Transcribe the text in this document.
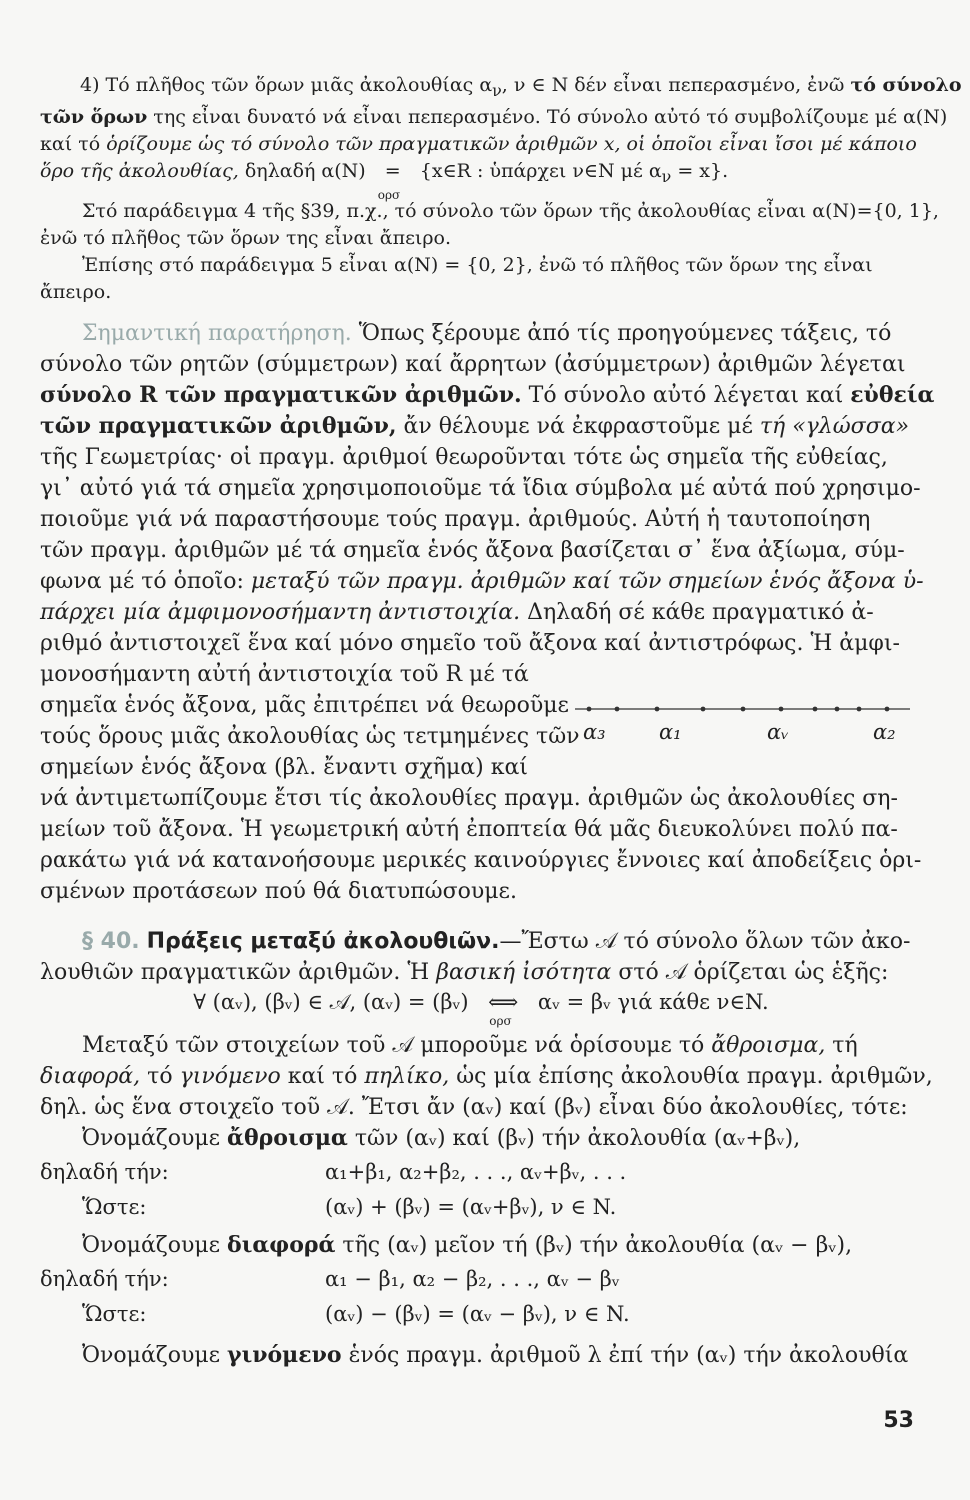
4) Τό πλῆθος τῶν ὅρων μιᾶς ἀκολουθίας $\alpha_\nu$, ν ∈ N δέν εἶναι πεπερασμένο, ἐνῶ τό σύνολο
τῶν ὅρων της εἶναι δυνατό νά εἶναι πεπερασμένο. Τό σύνολο αὐτό τό συμβολίζουμε μέ α(N)
καί τό ὁρίζουμε ὡς τό σύνολο τῶν πραγματικῶν ἀριθμῶν x, οἱ ὁποῖοι εἶναι ἴσοι μέ κάποιο
ὅρο τῆς ἀκολουθίας, δηλαδή α(N) =
ορσ
{x∈R : ὑπάρχει ν∈N μέ $\alpha_\nu = x$}.
Στό παράδειγμα 4 τῆς §39, π.χ., τό σύνολο τῶν ὅρων τῆς ἀκολουθίας εἶναι α(N)={0, 1},
ἐνῶ τό πλῆθος τῶν ὅρων της εἶναι ἄπειρο.
Ἐπίσης στό παράδειγμα 5 εἶναι α(N) = {0, 2}, ἐνῶ τό πλῆθος τῶν ὅρων της εἶναι
ἄπειρο.
Σημαντική παρατήρηση. Ὅπως ξέρουμε ἀπό τίς προηγούμενες τάξεις, τό
σύνολο τῶν ρητῶν (σύμμετρων) καί ἄρρητων (ἀσύμμετρων) ἀριθμῶν λέγεται
σύνολο R τῶν πραγματικῶν ἀριθμῶν. Τό σύνολο αὐτό λέγεται καί εὐθεία
τῶν πραγματικῶν ἀριθμῶν, ἄν θέλουμε νά ἐκφραστοῦμε μέ τή «γλώσσα»
τῆς Γεωμετρίας· οἱ πραγμ. ἀριθμοί θεωροῦνται τότε ὡς σημεῖα τῆς εὐθείας,
γι᾽ αὐτό γιά τά σημεῖα χρησιμοποιοῦμε τά ἴδια σύμβολα μέ αὐτά πού χρησιμο-
ποιοῦμε γιά νά παραστήσουμε τούς πραγμ. ἀριθμούς. Αὐτή ἡ ταυτοποίηση
τῶν πραγμ. ἀριθμῶν μέ τά σημεῖα ἑνός ἄξονα βασίζεται σ᾽ ἕνα ἀξίωμα, σύμ-
φωνα μέ τό ὁποῖο: μεταξύ τῶν πραγμ. ἀριθμῶν καί τῶν σημείων ἑνός ἄξονα ὑ-
πάρχει μία ἀμφιμονοσήμαντη ἀντιστοιχία. Δηλαδή σέ κάθε πραγματικό ἀ-
ριθμό ἀντιστοιχεῖ ἕνα καί μόνο σημεῖο τοῦ ἄξονα καί ἀντιστρόφως. Ἡ ἀμφι-
μονοσήμαντη αὐτή ἀντιστοιχία τοῦ R μέ τά
σημεῖα ἑνός ἄξονα, μᾶς ἐπιτρέπει νά θεωροῦμε
τούς ὅρους μιᾶς ἀκολουθίας ὡς τετμημένες τῶν
σημείων ἑνός ἄξονα (βλ. ἔναντι σχῆμα) καί
νά ἀντιμετωπίζουμε ἔτσι τίς ἀκολουθίες πραγμ. ἀριθμῶν ὡς ἀκολουθίες ση-
μείων τοῦ ἄξονα. Ἡ γεωμετρική αὐτή ἐποπτεία θά μᾶς διευκολύνει πολύ πα-
ρακάτω γιά νά κατανοήσουμε μερικές καινούργιες ἔννοιες καί ἀποδείξεις ὁρι-
σμένων προτάσεων πού θά διατυπώσουμε.
α₃	α₁	αᵥ	α₂
§ 40. Πράξεις μεταξύ ἀκολουθιῶν.—Ἔστω 𝒜 τό σύνολο ὅλων τῶν ἀκο-
λουθιῶν πραγματικῶν ἀριθμῶν. Ἡ βασική ἰσότητα στό 𝒜 ὁρίζεται ὡς ἑξῆς:
∀ (αᵥ), (βᵥ) ∈ 𝒜, (αᵥ) = (βᵥ) ⟺
ορσ
αᵥ = βᵥ γιά κάθε ν∈N.
Μεταξύ τῶν στοιχείων τοῦ 𝒜 μποροῦμε νά ὁρίσουμε τό ἄθροισμα, τή
διαφορά, τό γινόμενο καί τό πηλίκο, ὡς μία ἐπίσης ἀκολουθία πραγμ. ἀριθμῶν,
δηλ. ὡς ἕνα στοιχεῖο τοῦ 𝒜. Ἔτσι ἄν (αᵥ) καί (βᵥ) εἶναι δύο ἀκολουθίες, τότε:
Ὀνομάζουμε ἄθροισμα τῶν (αᵥ) καί (βᵥ) τήν ἀκολουθία (αᵥ+βᵥ),
δηλαδή τήν:	α₁+β₁, α₂+β₂, . . ., αᵥ+βᵥ, . . .
Ὥστε:	(αᵥ) + (βᵥ) = (αᵥ+βᵥ), ν ∈ N.
Ὀνομάζουμε διαφορά τῆς (αᵥ) μεῖον τή (βᵥ) τήν ἀκολουθία (αᵥ − βᵥ),
δηλαδή τήν:	α₁ − β₁, α₂ − β₂, . . ., αᵥ − βᵥ
Ὥστε:	(αᵥ) − (βᵥ) = (αᵥ − βᵥ), ν ∈ N.
Ὀνομάζουμε γινόμενο ἑνός πραγμ. ἀριθμοῦ λ ἐπί τήν (αᵥ) τήν ἀκολουθία
53
